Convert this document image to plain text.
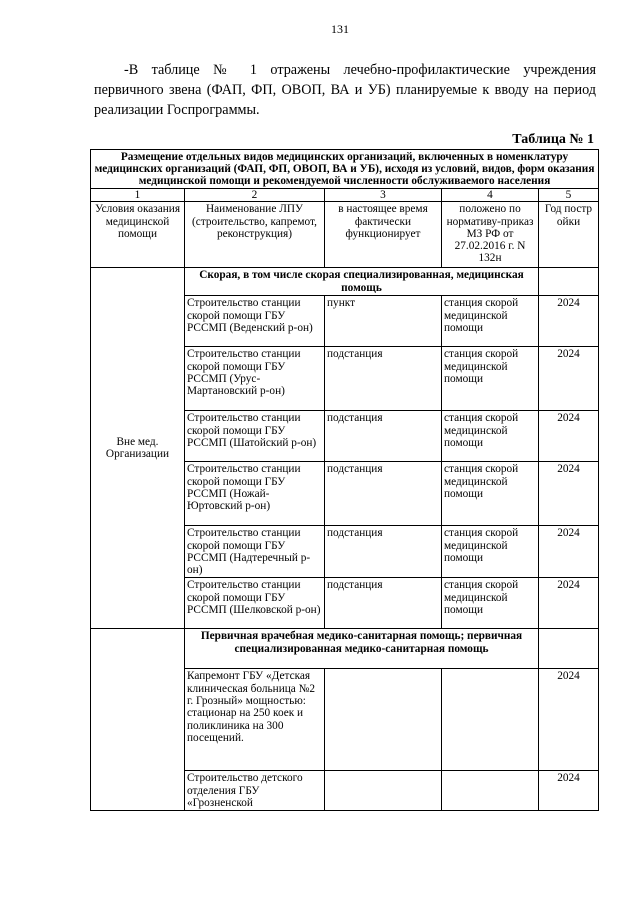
131

-В таблице № 1 отражены лечебно-профилактические учреждения первичного звена (ФАП, ФП, ОВОП, ВА и УБ) планируемые к вводу на период реализации Госпрограммы.

Таблица № 1
Размещение отдельных видов медицинских организаций, включенных в номенклатуру медицинских организаций (ФАП, ФП, ОВОП, ВА и УБ), исходя из условий, видов, форм оказания медицинской помощи и рекомендуемой численности обслуживаемого населения				
1	2	3	4	5
Условия оказания медицинской помощи	Наименование ЛПУ (строительство, капремот, реконструкция)	в настоящее время фактически функционирует	положено по нормативу-приказ МЗ РФ от 27.02.2016 г. N 132н	Год постр ойки
Вне мед. Организации	Скорая, в том числе скорая специализированная, медицинская помощь			
	Строительство станции скорой помощи ГБУ РССМП (Веденский р-он)	пункт	станция скорой медицинской помощи	2024
	Строительство станции скорой помощи ГБУ РССМП (Урус-Мартановский р-он)	подстанция	станция скорой медицинской помощи	2024
	Строительство станции скорой помощи ГБУ РССМП (Шатойский р-он)	подстанция	станция скорой медицинской помощи	2024
	Строительство станции скорой помощи ГБУ РССМП (Ножай-Юртовский р-он)	подстанция	станция скорой медицинской помощи	2024
	Строительство станции скорой помощи ГБУ РССМП (Надтеречный р-он)	подстанция	станция скорой медицинской помощи	2024
	Строительство станции скорой помощи ГБУ РССМП (Шелковской р-он)	подстанция	станция скорой медицинской помощи	2024
	Первичная врачебная медико-санитарная помощь; первичная специализированная медико-санитарная помощь			
	Капремонт ГБУ «Детская клиническая больница №2 г. Грозный» мощностью: стационар на 250 коек и поликлиника на 300 посещений.			2024
	Строительство детского отделения ГБУ «Грозненской			2024
